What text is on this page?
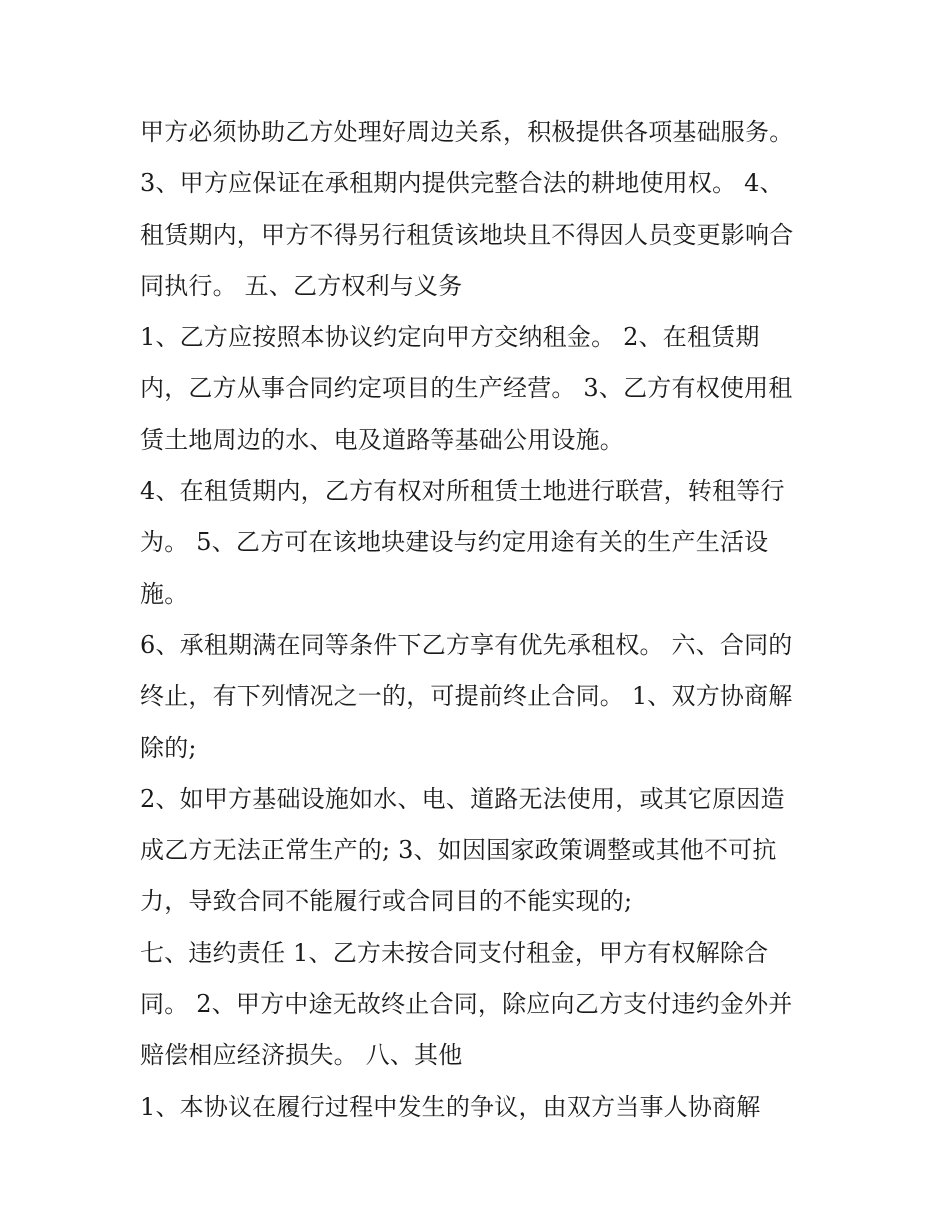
甲方必须协助乙方处理好周边关系，积极提供各项基础服务。
3、甲方应保证在承租期内提供完整合法的耕地使用权。 4、
租赁期内，甲方不得另行租赁该地块且不得因人员变更影响合
同执行。 五、乙方权利与义务
1、乙方应按照本协议约定向甲方交纳租金。 2、在租赁期
内，乙方从事合同约定项目的生产经营。 3、乙方有权使用租
赁土地周边的水、电及道路等基础公用设施。
4、在租赁期内，乙方有权对所租赁土地进行联营，转租等行
为。 5、乙方可在该地块建设与约定用途有关的生产生活设
施。
6、承租期满在同等条件下乙方享有优先承租权。 六、合同的
终止，有下列情况之一的，可提前终止合同。 1、双方协商解
除的;
2、如甲方基础设施如水、电、道路无法使用，或其它原因造
成乙方无法正常生产的; 3、如因国家政策调整或其他不可抗
力，导致合同不能履行或合同目的不能实现的;
七、违约责任 1、乙方未按合同支付租金，甲方有权解除合
同。 2、甲方中途无故终止合同，除应向乙方支付违约金外并
赔偿相应经济损失。 八、其他
1、本协议在履行过程中发生的争议，由双方当事人协商解
